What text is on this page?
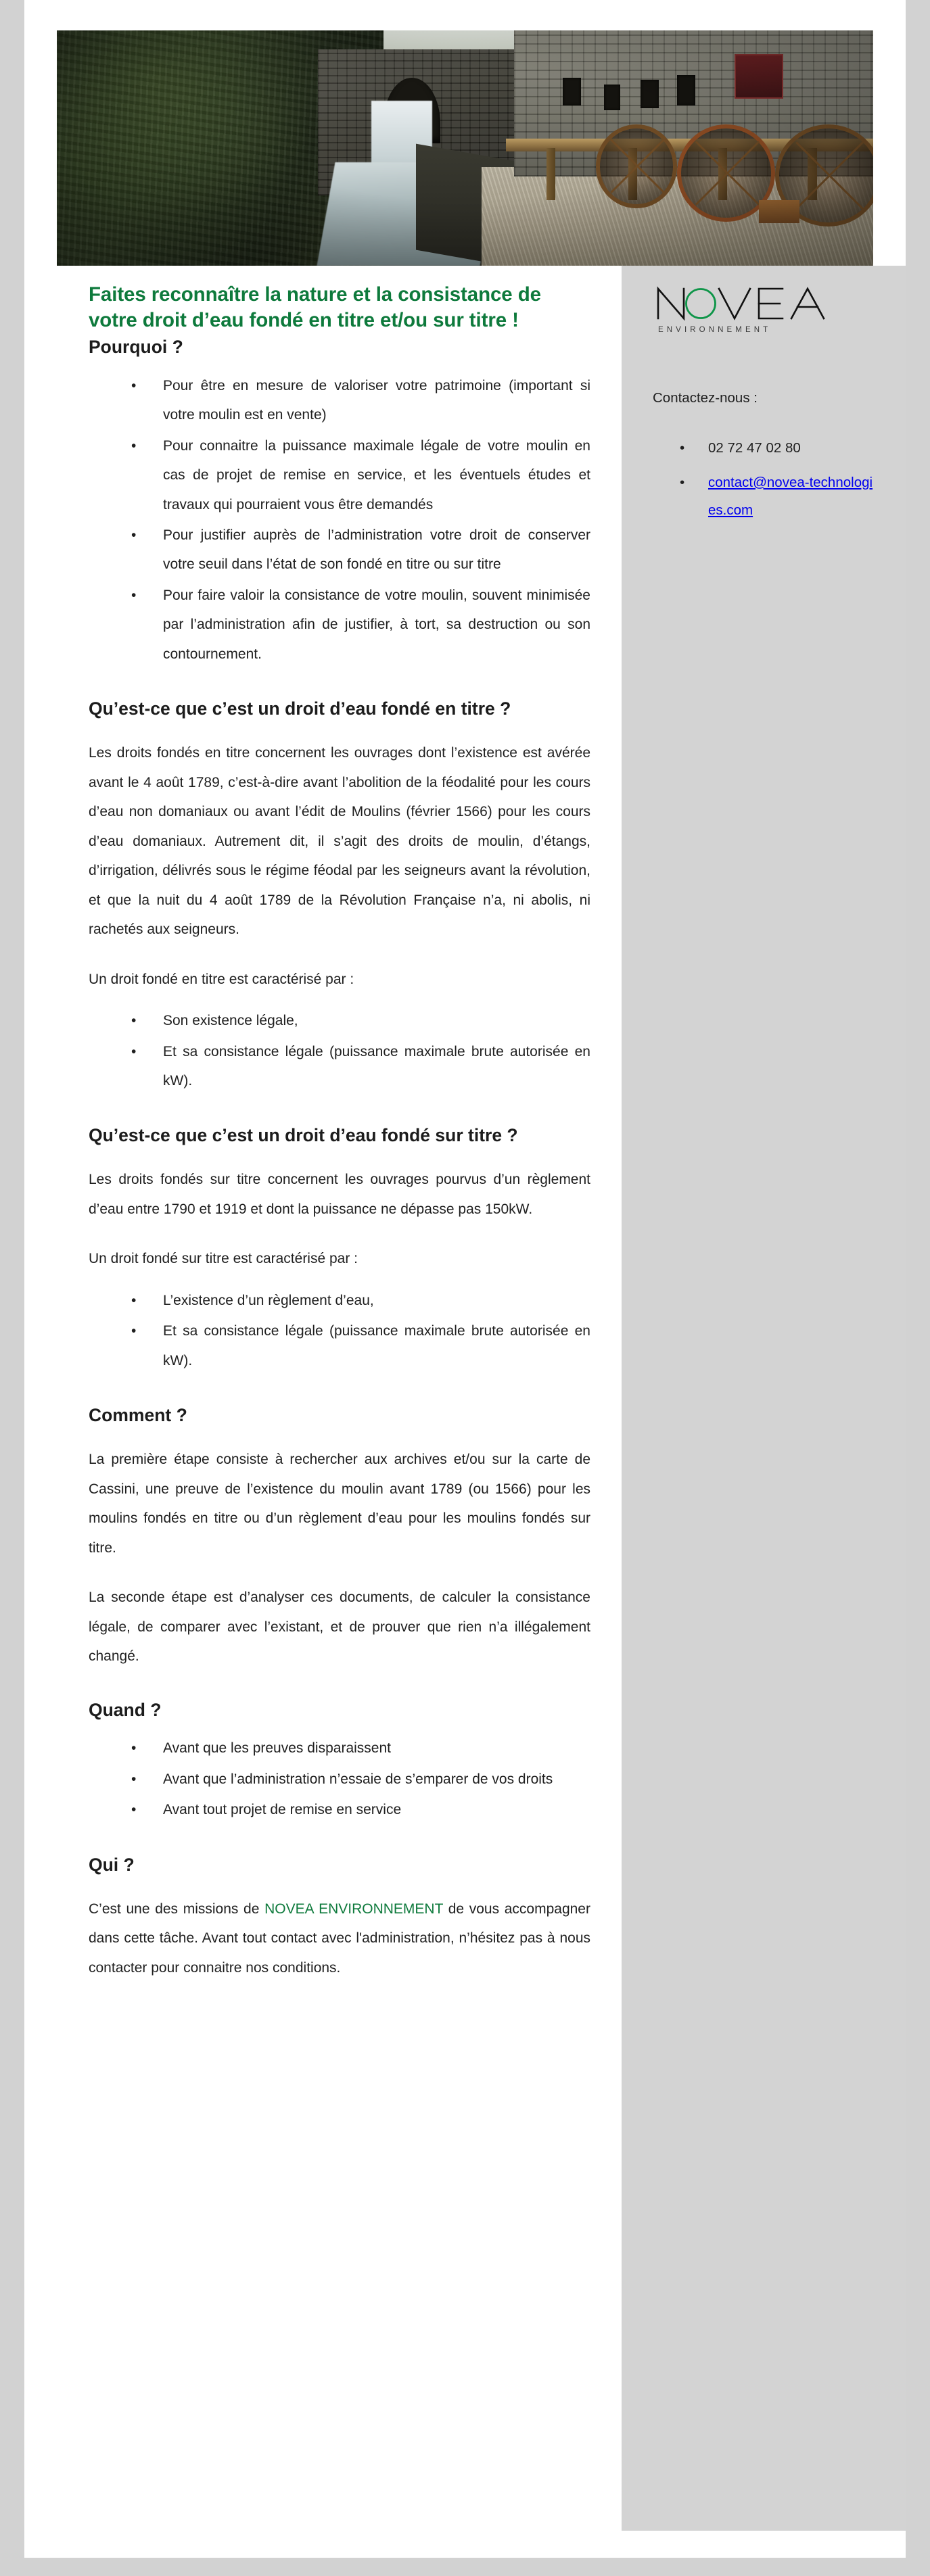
Faites reconnaître la nature et la consistance de votre droit d’eau fondé en titre et/ou sur titre !
Pourquoi ?
• Pour être en mesure de valoriser votre patrimoine (important si votre moulin est en vente)
• Pour connaitre la puissance maximale légale de votre moulin en cas de projet de remise en service, et les éventuels études et travaux qui pourraient vous être demandés
• Pour justifier auprès de l’administration votre droit de conserver votre seuil dans l’état de son fondé en titre ou sur titre
• Pour faire valoir la consistance de votre moulin, souvent minimisée par l’administration afin de justifier, à tort, sa destruction ou son contournement.
Qu’est-ce que c’est un droit d’eau fondé en titre ?

Les droits fondés en titre concernent les ouvrages dont l’existence est avérée avant le 4 août 1789, c’est-à-dire avant l’abolition de la féodalité pour les cours d’eau non domaniaux ou avant l’édit de Moulins (février 1566) pour les cours d’eau domaniaux. Autrement dit, il s’agit des droits de moulin, d’étangs, d’irrigation, délivrés sous le régime féodal par les seigneurs avant la révolution, et que la nuit du 4 août 1789 de la Révolution Française n’a, ni abolis, ni rachetés aux seigneurs.

Un droit fondé en titre est caractérisé par :

• Son existence légale,
• Et sa consistance légale (puissance maximale brute autorisée en kW).
Qu’est-ce que c’est un droit d’eau fondé sur titre ?

Les droits fondés sur titre concernent les ouvrages pourvus d’un règlement d’eau entre 1790 et 1919 et dont la puissance ne dépasse pas 150kW.

Un droit fondé sur titre est caractérisé par :

• L’existence d’un règlement d’eau,
• Et sa consistance légale (puissance maximale brute autorisée en kW).
Comment ?

La première étape consiste à rechercher aux archives et/ou sur la carte de Cassini, une preuve de l’existence du moulin avant 1789 (ou 1566) pour les moulins fondés en titre ou d’un règlement d’eau pour les moulins fondés sur titre.

La seconde étape est d’analyser ces documents, de calculer la consistance légale, de comparer avec l’existant, et de prouver que rien n’a illégalement changé.

Quand ?
• Avant que les preuves disparaissent
• Avant que l’administration n’essaie de s’emparer de vos droits
• Avant tout projet de remise en service
Qui ?

C’est une des missions de NOVEA ENVIRONNEMENT de vous accompagner dans cette tâche. Avant tout contact avec l'administration, n’hésitez pas à nous contacter pour connaitre nos conditions.

ENVIRONNEMENT
Contactez-nous :
• 02 72 47 02 80
• contact@novea-technologies.com
